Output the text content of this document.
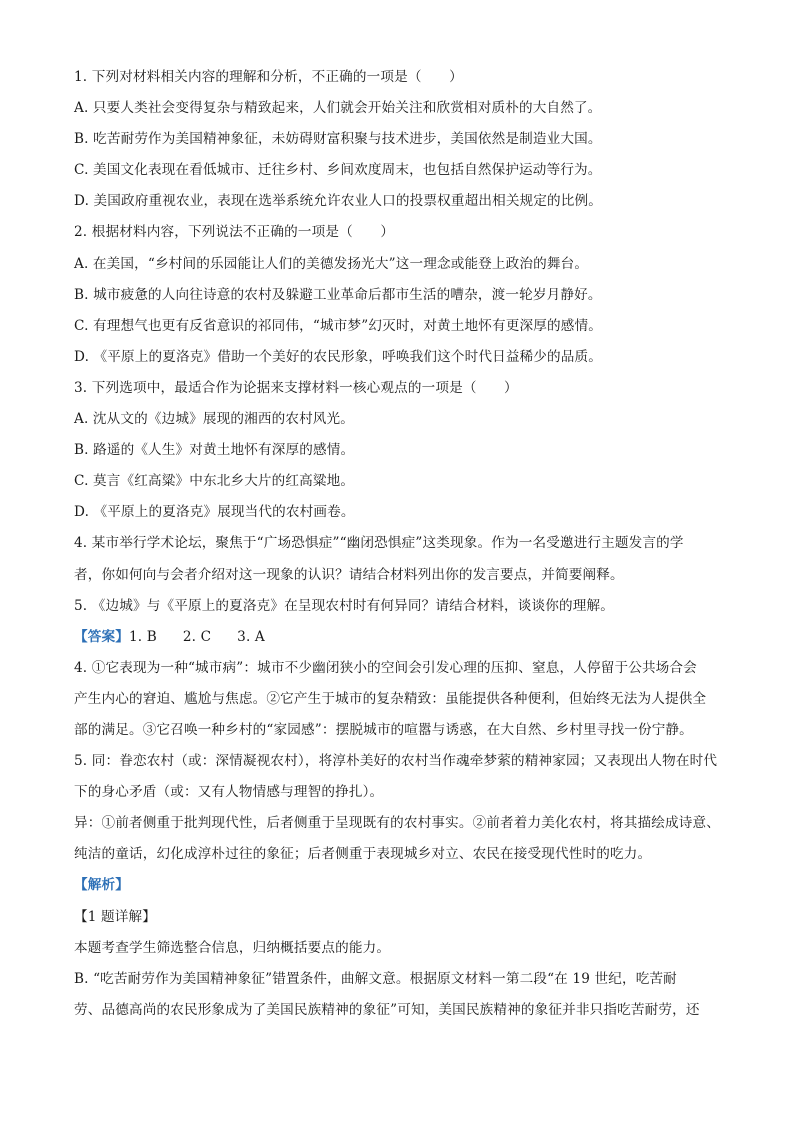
1. 下列对材料相关内容的理解和分析，不正确的一项是（　　）
A. 只要人类社会变得复杂与精致起来，人们就会开始关注和欣赏相对质朴的大自然了。
B. 吃苦耐劳作为美国精神象征，未妨碍财富积聚与技术进步，美国依然是制造业大国。
C. 美国文化表现在看低城市、迁往乡村、乡间欢度周末，也包括自然保护运动等行为。
D. 美国政府重视农业，表现在选举系统允许农业人口的投票权重超出相关规定的比例。
2. 根据材料内容，下列说法不正确的一项是（　　）
A. 在美国，“乡村间的乐园能让人们的美德发扬光大”这一理念或能登上政治的舞台。
B. 城市疲惫的人向往诗意的农村及躲避工业革命后都市生活的嘈杂，渡一轮岁月静好。
C. 有理想气也更有反省意识的祁同伟，“城市梦”幻灭时，对黄土地怀有更深厚的感情。
D. 《平原上的夏洛克》借助一个美好的农民形象，呼唤我们这个时代日益稀少的品质。
3. 下列选项中，最适合作为论据来支撑材料一核心观点的一项是（　　）
A. 沈从文的《边城》展现的湘西的农村风光。
B. 路遥的《人生》对黄土地怀有深厚的感情。
C. 莫言《红高粱》中东北乡大片的红高粱地。
D. 《平原上的夏洛克》展现当代的农村画卷。
4. 某市举行学术论坛，聚焦于“广场恐惧症”“幽闭恐惧症”这类现象。作为一名受邀进行主题发言的学
者，你如何向与会者介绍对这一现象的认识？请结合材料列出你的发言要点，并简要阐释。
5. 《边城》与《平原上的夏洛克》在呈现农村时有何异同？请结合材料，谈谈你的理解。
【答案】1. B 2. C 3. A
4. ①它表现为一种“城市病”：城市不少幽闭狭小的空间会引发心理的压抑、窒息，人停留于公共场合会
产生内心的窘迫、尴尬与焦虑。②它产生于城市的复杂精致：虽能提供各种便利，但始终无法为人提供全
部的满足。③它召唤一种乡村的“家园感”：摆脱城市的喧嚣与诱惑，在大自然、乡村里寻找一份宁静。
5. 同：眷恋农村（或：深情凝视农村），将淳朴美好的农村当作魂牵梦萦的精神家园；又表现出人物在时代
下的身心矛盾（或：又有人物情感与理智的挣扎）。
异：①前者侧重于批判现代性，后者侧重于呈现既有的农村事实。②前者着力美化农村，将其描绘成诗意、
纯洁的童话，幻化成淳朴过往的象征；后者侧重于表现城乡对立、农民在接受现代性时的吃力。
【解析】
【1 题详解】
本题考查学生筛选整合信息，归纳概括要点的能力。
B. “吃苦耐劳作为美国精神象征”错置条件，曲解文意。根据原文材料一第二段“在 19 世纪，吃苦耐
劳、品德高尚的农民形象成为了美国民族精神的象征”可知，美国民族精神的象征并非只指吃苦耐劳，还
